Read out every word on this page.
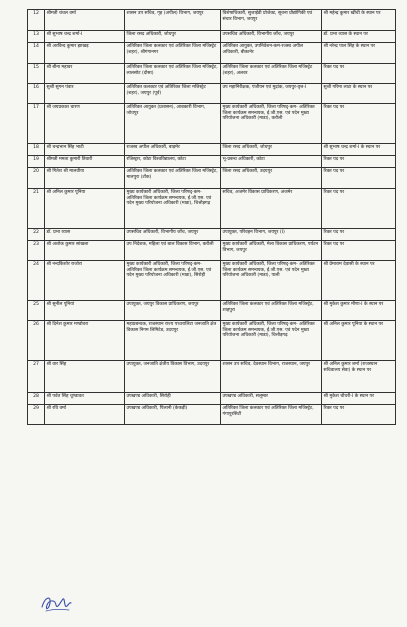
12	श्रीमती चंचल वर्मा	शासन उप सचिव, गृह (अपील) विभाग, जयपुर	विशेषाधिकारी, सुजाईडी प्रोजेक्ट, सूचना प्रौद्योगिकी एवं संचार विभाग, जयपुर	श्री महेन्द्र कुमार खींची के स्थान पर
13	श्री सुभाष चन्द्र शर्मा-I	जिला रसद अधिकारी, जोधपुर	उपसचिव अधिकारी, विभागीय जाँच, जयपुर	डॉ. प्रभा व्यास के स्थान पर
14	श्री अरविन्द कुमार झाखड़	अतिरिक्त जिला कलक्टर एवं अतिरिक्त जिला मजिस्ट्रेट (शहर), श्रीगंगानगर	अतिरिक्त आयुक्त, उपनिवेशन-कम-रजस्व अपील अधिकारी, बीकानेर	श्री नरेन्द्र पाल सिंह के स्थान पर
15	श्री बीना महावर	अतिरिक्त जिला कलक्टर एवं अतिरिक्त जिला मजिस्ट्रेट, लालसोट (दौसा)	अतिरिक्त जिला कलक्टर एवं अतिरिक्त जिला मजिस्ट्रेट (शहर), अलवर	रिक्त पद पर
16	सुश्री सुगन पंवार	अतिरिक्त कलक्टर एवं अतिरिक्त जिला मजिस्ट्रेट (शहर), जयपुर (पूर्व)	उप महानिरीक्षक, पंजीयन एवं मुद्रांक, जयपुर-वृत्त-I	सुश्री गरिमा लाटा के स्थान पर
17	श्री जयप्रकाश चारण	अतिरिक्त आयुक्त (प्रशासन), आबकारी विभाग, जोधपुर	मुख्य कार्यकारी अधिकारी, जिला परिषद्-कम- अतिरिक्त जिला कार्यक्रम समन्वयक, ई.जी.एस. एवं पदेन मुख्य परियोजना अधिकारी (माडा), करौली	रिक्त पद पर
18	श्री चन्द्रभान सिंह भाटी	राजस्व अपील अधिकारी, बाड़मेर	जिला रसद अधिकारी, जोधपुर	श्री सुभाष चन्द्र शर्मा-I के स्थान पर
19	श्रीमती ममता कुमारी तिवारी	रजिस्ट्रार, कोटा विश्वविद्यालय, कोटा	भू-प्रबन्ध अधिकारी, कोटा	रिक्त पद पर
20	श्री गितेश श्री मालवीया	अतिरिक्त जिला कलक्टर एवं अतिरिक्त जिला मजिस्ट्रेट, मालपुरा (टोंक)	जिला रसद अधिकारी, उदयपुर	रिक्त पद पर
21	श्री अनिल कुमार पूनिया	मुख्य कार्यकारी अधिकारी, जिला परिषद्-कम- अतिरिक्त जिला कार्यक्रम समन्वयक, ई.जी.एस. एवं पदेन मुख्य परियोजना अधिकारी (माडा), चित्तौड़गढ़	सचिव, अजमेर विकास प्राधिकरण, अजमेर	रिक्त पद पर
22	डॉ. प्रभा व्यास	उपसचिव अधिकारी, विभागीय जाँच, जयपुर	उपायुक्त, परिवहन विभाग, जयपुर (I)	रिक्त पद पर
23	श्री अशोक कुमार सांखला	उप निदेशक, महिला एवं बाल विकास विभाग, करौली	मुख्य कार्यकारी अधिकारी, मेला विकास प्राधिकरण, पर्यटन विभाग, जयपुर	रिक्त पद पर
24	श्री नन्दकिशोर राजोरा	मुख्य कार्यकारी अधिकारी, जिला परिषद्-कम- अतिरिक्त जिला कार्यक्रम समन्वयक, ई.जी.एस. एवं पदेन मुख्य परियोजना अधिकारी (माडा), सिरोही	मुख्य कार्यकारी अधिकारी, जिला परिषद्-कम- अतिरिक्त जिला कार्यक्रम समन्वयक, ई.जी.एस. एवं पदेन मुख्य परियोजना अधिकारी (माडा), पाली	श्री प्रेमाराम देवासी के स्थान पर
25	श्री सुनील पूनियां	उपायुक्त, जयपुर विकास प्राधिकरण, जयपुर	अतिरिक्त जिला कलक्टर एवं अतिरिक्त जिला मजिस्ट्रेट, शाहपुरा	श्री मुकेश कुमार मीणा-I के स्थान पर
26	श्री दिनेश कुमार मण्डोवरा	महाप्रबन्धक, राजस्थान राज्य पथ्थरालिटा जनजाति क्षेत्र विकास निगम लिमिटेड, उदयपुर	मुख्य कार्यकारी अधिकारी, जिला परिषद्-कम- अतिरिक्त जिला कार्यक्रम समन्वयक, ई.जी.एस. एवं पदेन मुख्य परियोजना अधिकारी (माडा), चित्तौड़गढ़	श्री अनिल कुमार पूनिया के स्थान पर
27	श्री वार सिंह	उपायुक्त, जनजाति क्षेत्रीय विकास विभाग, उदयपुर	शासन उप सचिव, देवस्थान विभाग, राजस्थान, जयपुर	श्री अनिल कुमार शर्मा (राजस्थान सचिवालय सेवा) के स्थान पर
28	श्री पर्वत सिंह चूण्डावत	उपखण्ड अधिकारी, सिरोही	उपखण्ड अधिकारी, सलूम्बर	श्री मुकेश चौधरी-I के स्थान पर
29	श्री रवि वर्मा	उपखण्ड अधिकारी, पिलानी (केकड़ी)	अतिरिक्त जिला कलक्टर एवं अतिरिक्त जिला मजिस्ट्रेट, गंगापुरसिटी	रिक्त पद पर
